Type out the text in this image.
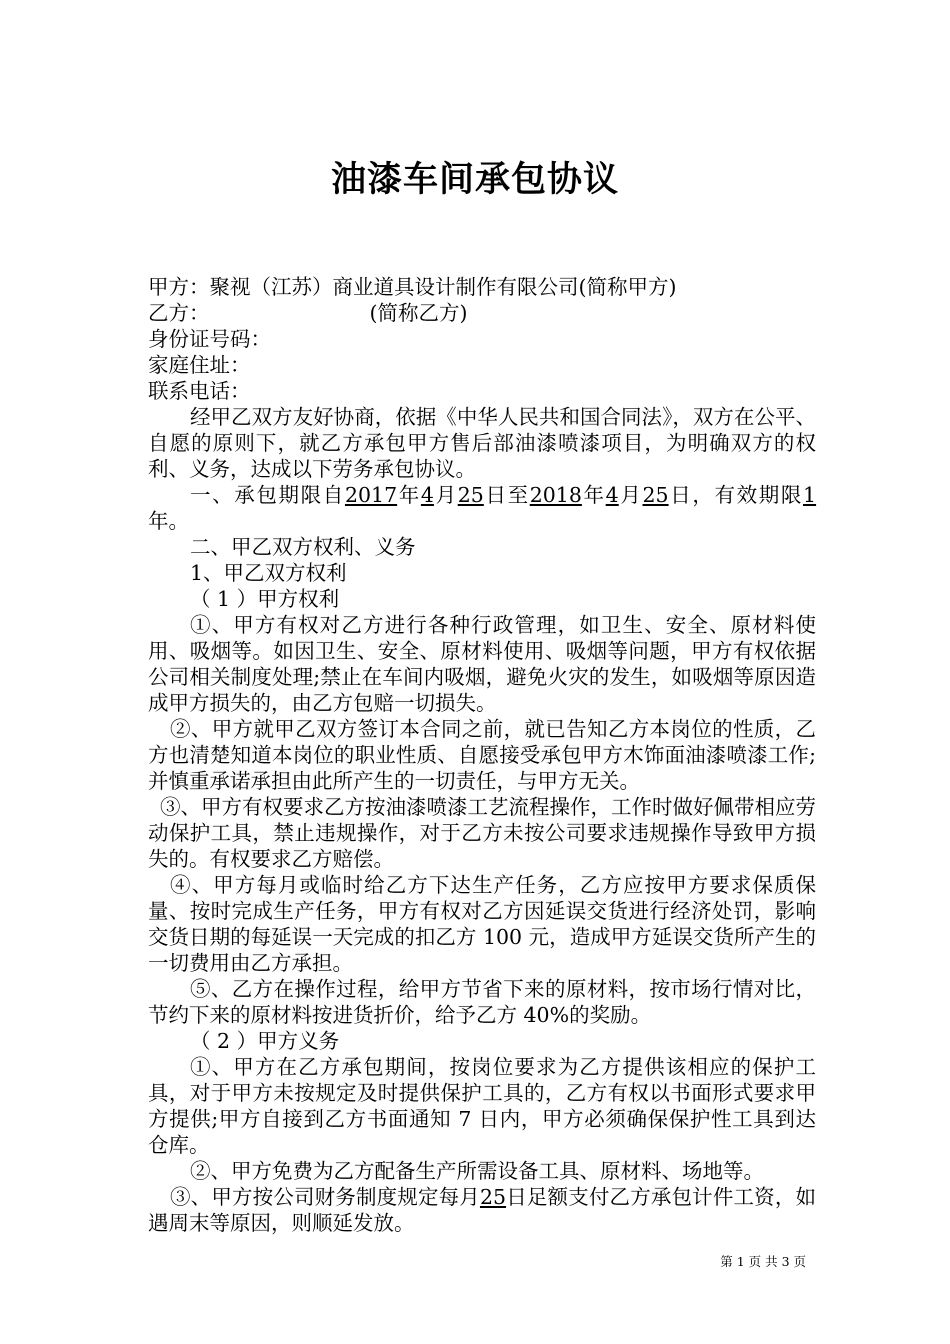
油漆车间承包协议
甲方：聚视（江苏）商业道具设计制作有限公司(简称甲方)
乙方：	(简称乙方)
身份证号码：
家庭住址：
联系电话：
经甲乙双方友好协商，依据《中华人民共和国合同法》，双方在公平、自愿的原则下，就乙方承包甲方售后部油漆喷漆项目，为明确双方的权利、义务，达成以下劳务承包协议。
一、承包期限自2017年4月25日至2018年4月25日，有效期限1年。
二、甲乙双方权利、义务
1、甲乙双方权利
（ 1 ）甲方权利
①、甲方有权对乙方进行各种行政管理，如卫生、安全、原材料使用、吸烟等。如因卫生、安全、原材料使用、吸烟等问题，甲方有权依据公司相关制度处理;禁止在车间内吸烟，避免火灾的发生，如吸烟等原因造成甲方损失的，由乙方包赔一切损失。
②、甲方就甲乙双方签订本合同之前，就已告知乙方本岗位的性质，乙方也清楚知道本岗位的职业性质、自愿接受承包甲方木饰面油漆喷漆工作;并慎重承诺承担由此所产生的一切责任，与甲方无关。
③、甲方有权要求乙方按油漆喷漆工艺流程操作，工作时做好佩带相应劳动保护工具，禁止违规操作，对于乙方未按公司要求违规操作导致甲方损失的。有权要求乙方赔偿。
④、甲方每月或临时给乙方下达生产任务，乙方应按甲方要求保质保量、按时完成生产任务，甲方有权对乙方因延误交货进行经济处罚，影响交货日期的每延误一天完成的扣乙方 100 元，造成甲方延误交货所产生的一切费用由乙方承担。
⑤、乙方在操作过程，给甲方节省下来的原材料，按市场行情对比，节约下来的原材料按进货折价，给予乙方 40%的奖励。
（ 2 ）甲方义务
①、甲方在乙方承包期间，按岗位要求为乙方提供该相应的保护工具，对于甲方未按规定及时提供保护工具的，乙方有权以书面形式要求甲方提供;甲方自接到乙方书面通知 7 日内，甲方必须确保保护性工具到达仓库。
②、甲方免费为乙方配备生产所需设备工具、原材料、场地等。
③、甲方按公司财务制度规定每月25日足额支付乙方承包计件工资，如遇周末等原因，则顺延发放。
第 1 页 共 3 页
